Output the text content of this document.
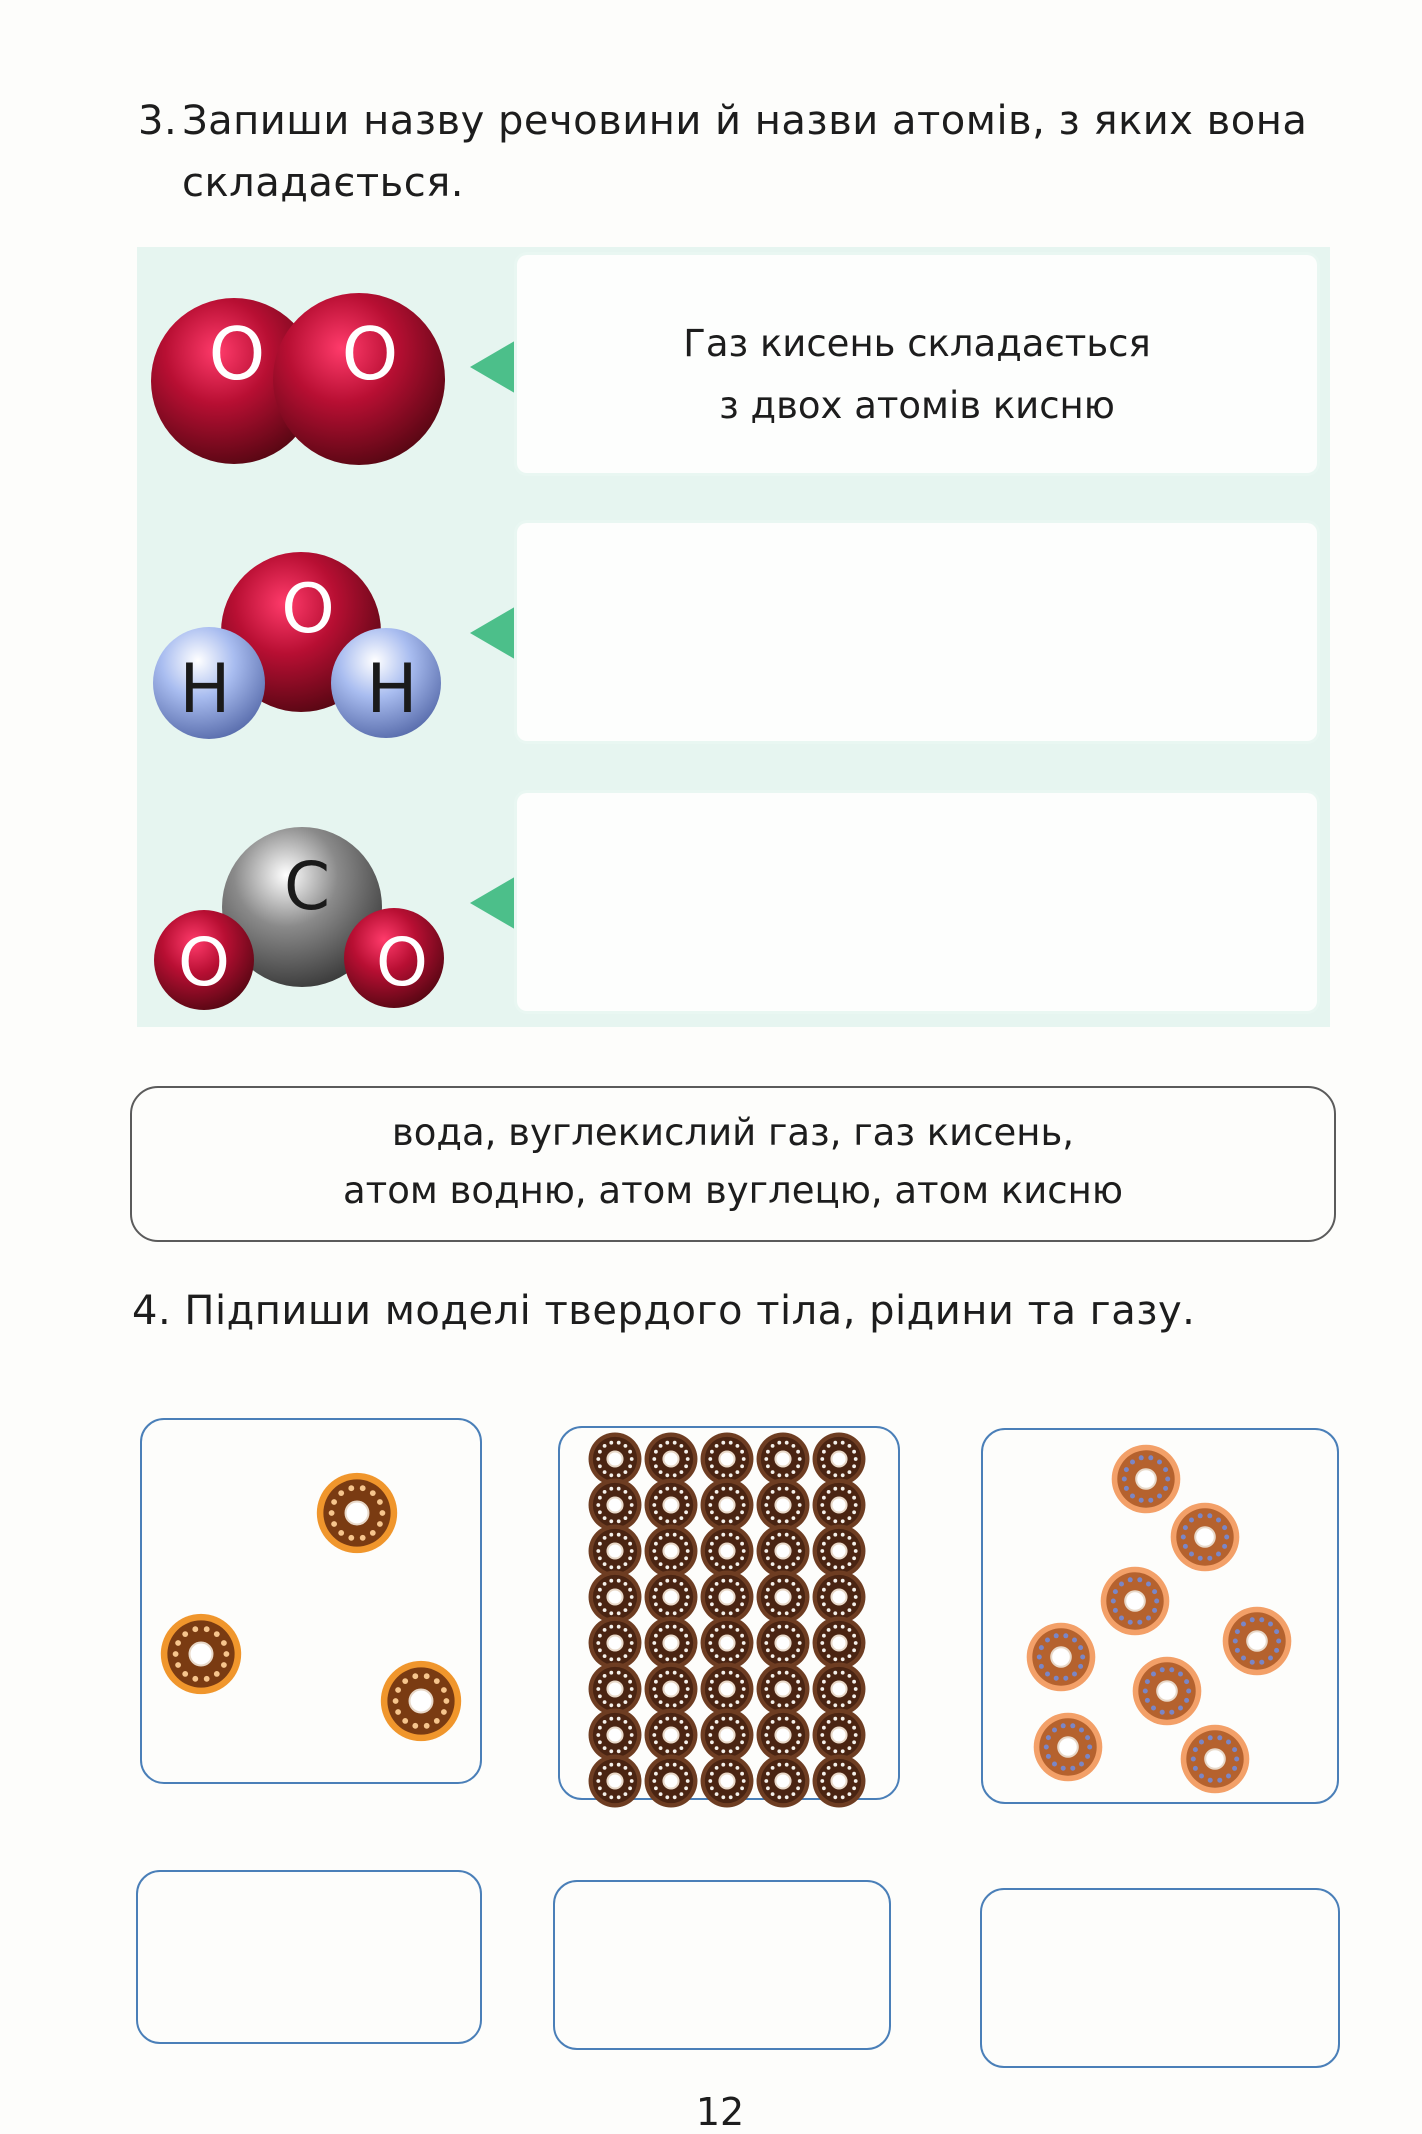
3. Запиши назву речовини й назви атомів, з яких вона
складається.
O O	Газ кисень складається
з двох атомів кисню
O
H H
C
O O
вода, вуглекислий газ, газ кисень,
атом водню, атом вуглецю, атом кисню
4. Підпиши моделі твердого тіла, рідини та газу.
12
